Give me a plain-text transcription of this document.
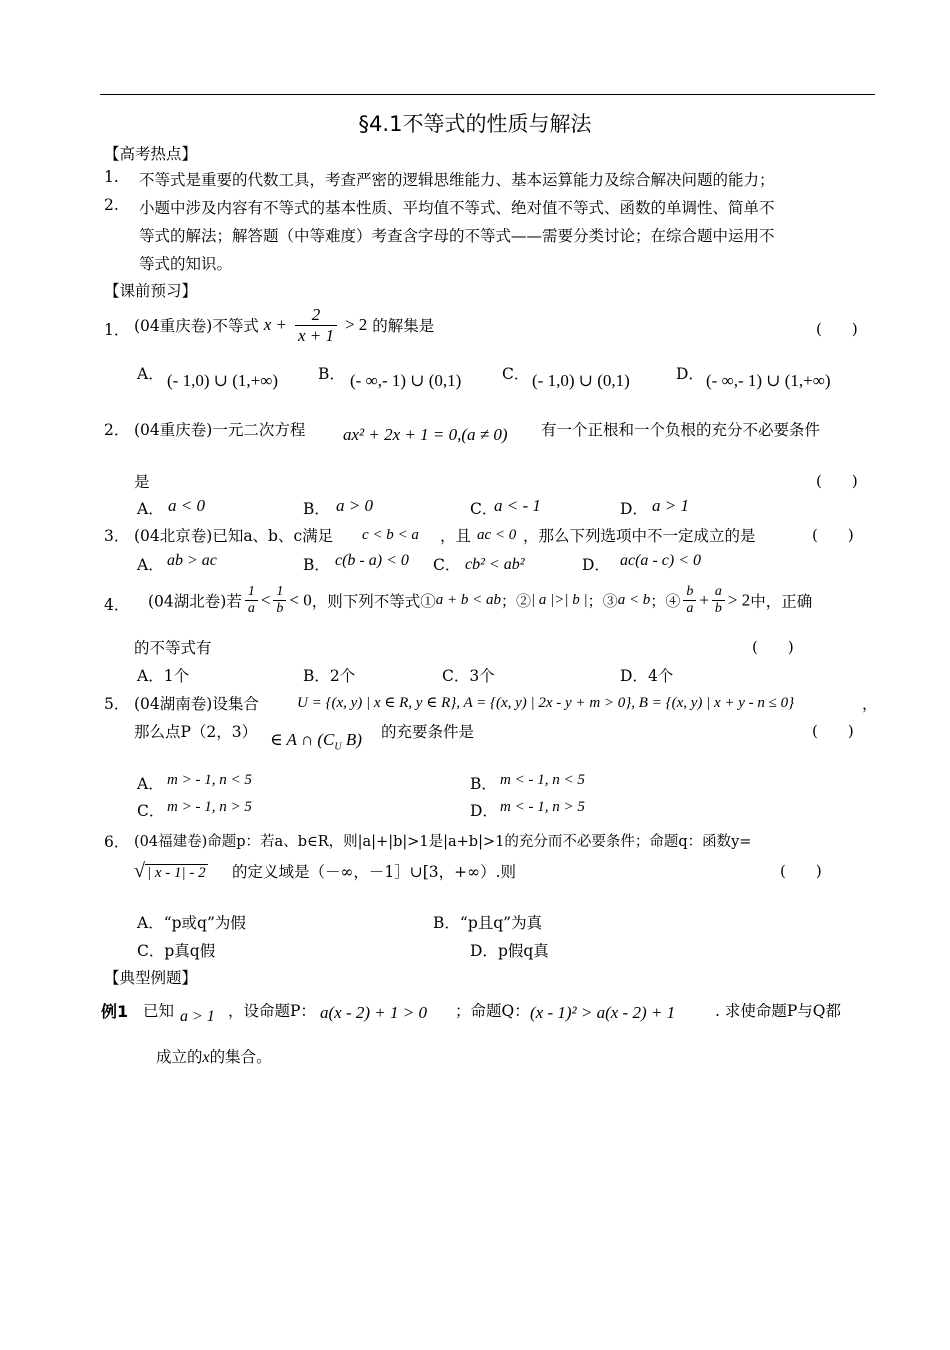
§4.1不等式的性质与解法
【高考热点】
1. 不等式是重要的代数工具，考查严密的逻辑思维能力、基本运算能力及综合解决问题的能力；
2. 小题中涉及内容有不等式的基本性质、平均值不等式、绝对值不等式、函数的单调性、简单不
等式的解法；解答题（中等难度）考查含字母的不等式——需要分类讨论；在综合题中运用不
等式的知识。
【课前预习】
1． (04重庆卷)不等式 $x + \frac{2}{x + 1} > 2$ 的解集是	(　　)
A． (- 1,0) ∪ (1,+∞)	B． (- ∞,- 1) ∪ (0,1)	C． (- 1,0) ∪ (0,1)	D． (- ∞,- 1) ∪ (1,+∞)
2． (04重庆卷)一元二次方程 ax² + 2x + 1 = 0,(a ≠ 0) 有一个正根和一个负根的充分不必要条件
是	(　　)
A． a < 0	B． a > 0	C．
a < - 1	D． a > 1
3． (04北京卷)已知a、b、c满足 c < b < a ，且 ac < 0 ，那么下列选项中不一定成立的是	(　　)
A． ab > ac	B． c(b - a) < 0 C． cb² < ab²	D． ac(a - c) < 0
4． (04湖北卷)若 $\frac{1}{a} < \frac{1}{b} < 0$，则下列不等式①a + b < ab；②| a |>| b |；③a < b；④ $\frac{b}{a} + \frac{a}{b} > 2$中，正确
的不等式有	(　　)
A．1个	B．2个	C．3个	D．4个
5． (04湖南卷)设集合	U = {(x, y) | x ∈ R, y ∈ R}, A = {(x, y) | 2x - y + m > 0}, B = {(x, y) | x + y - n ≤ 0}	，
那么点P（2，3） ∈ A ∩ ($C_U$ B) 的充要条件是	(　　)
A． m > - 1, n < 5	B． m < - 1, n < 5
C． m > - 1, n > 5	D． m < - 1, n > 5
6． (04福建卷)命题p：若a、b∈R，则|a|+|b|>1是|a+b|>1的充分而不必要条件；命题q：函数y=
√ | x - 1| - 2 的定义域是（－∞，－1］∪[3，+∞）.则	(　　)
A．“p或q”为假	B．“p且q”为真
C．p真q假	D．p假q真
【典型例题】
例1 已知 a > 1 ，设命题P： a(x - 2) + 1 > 0 ；命题Q： (x - 1)² > a(x - 2) + 1	. 求使命题P与Q都
成立的x的集合。
